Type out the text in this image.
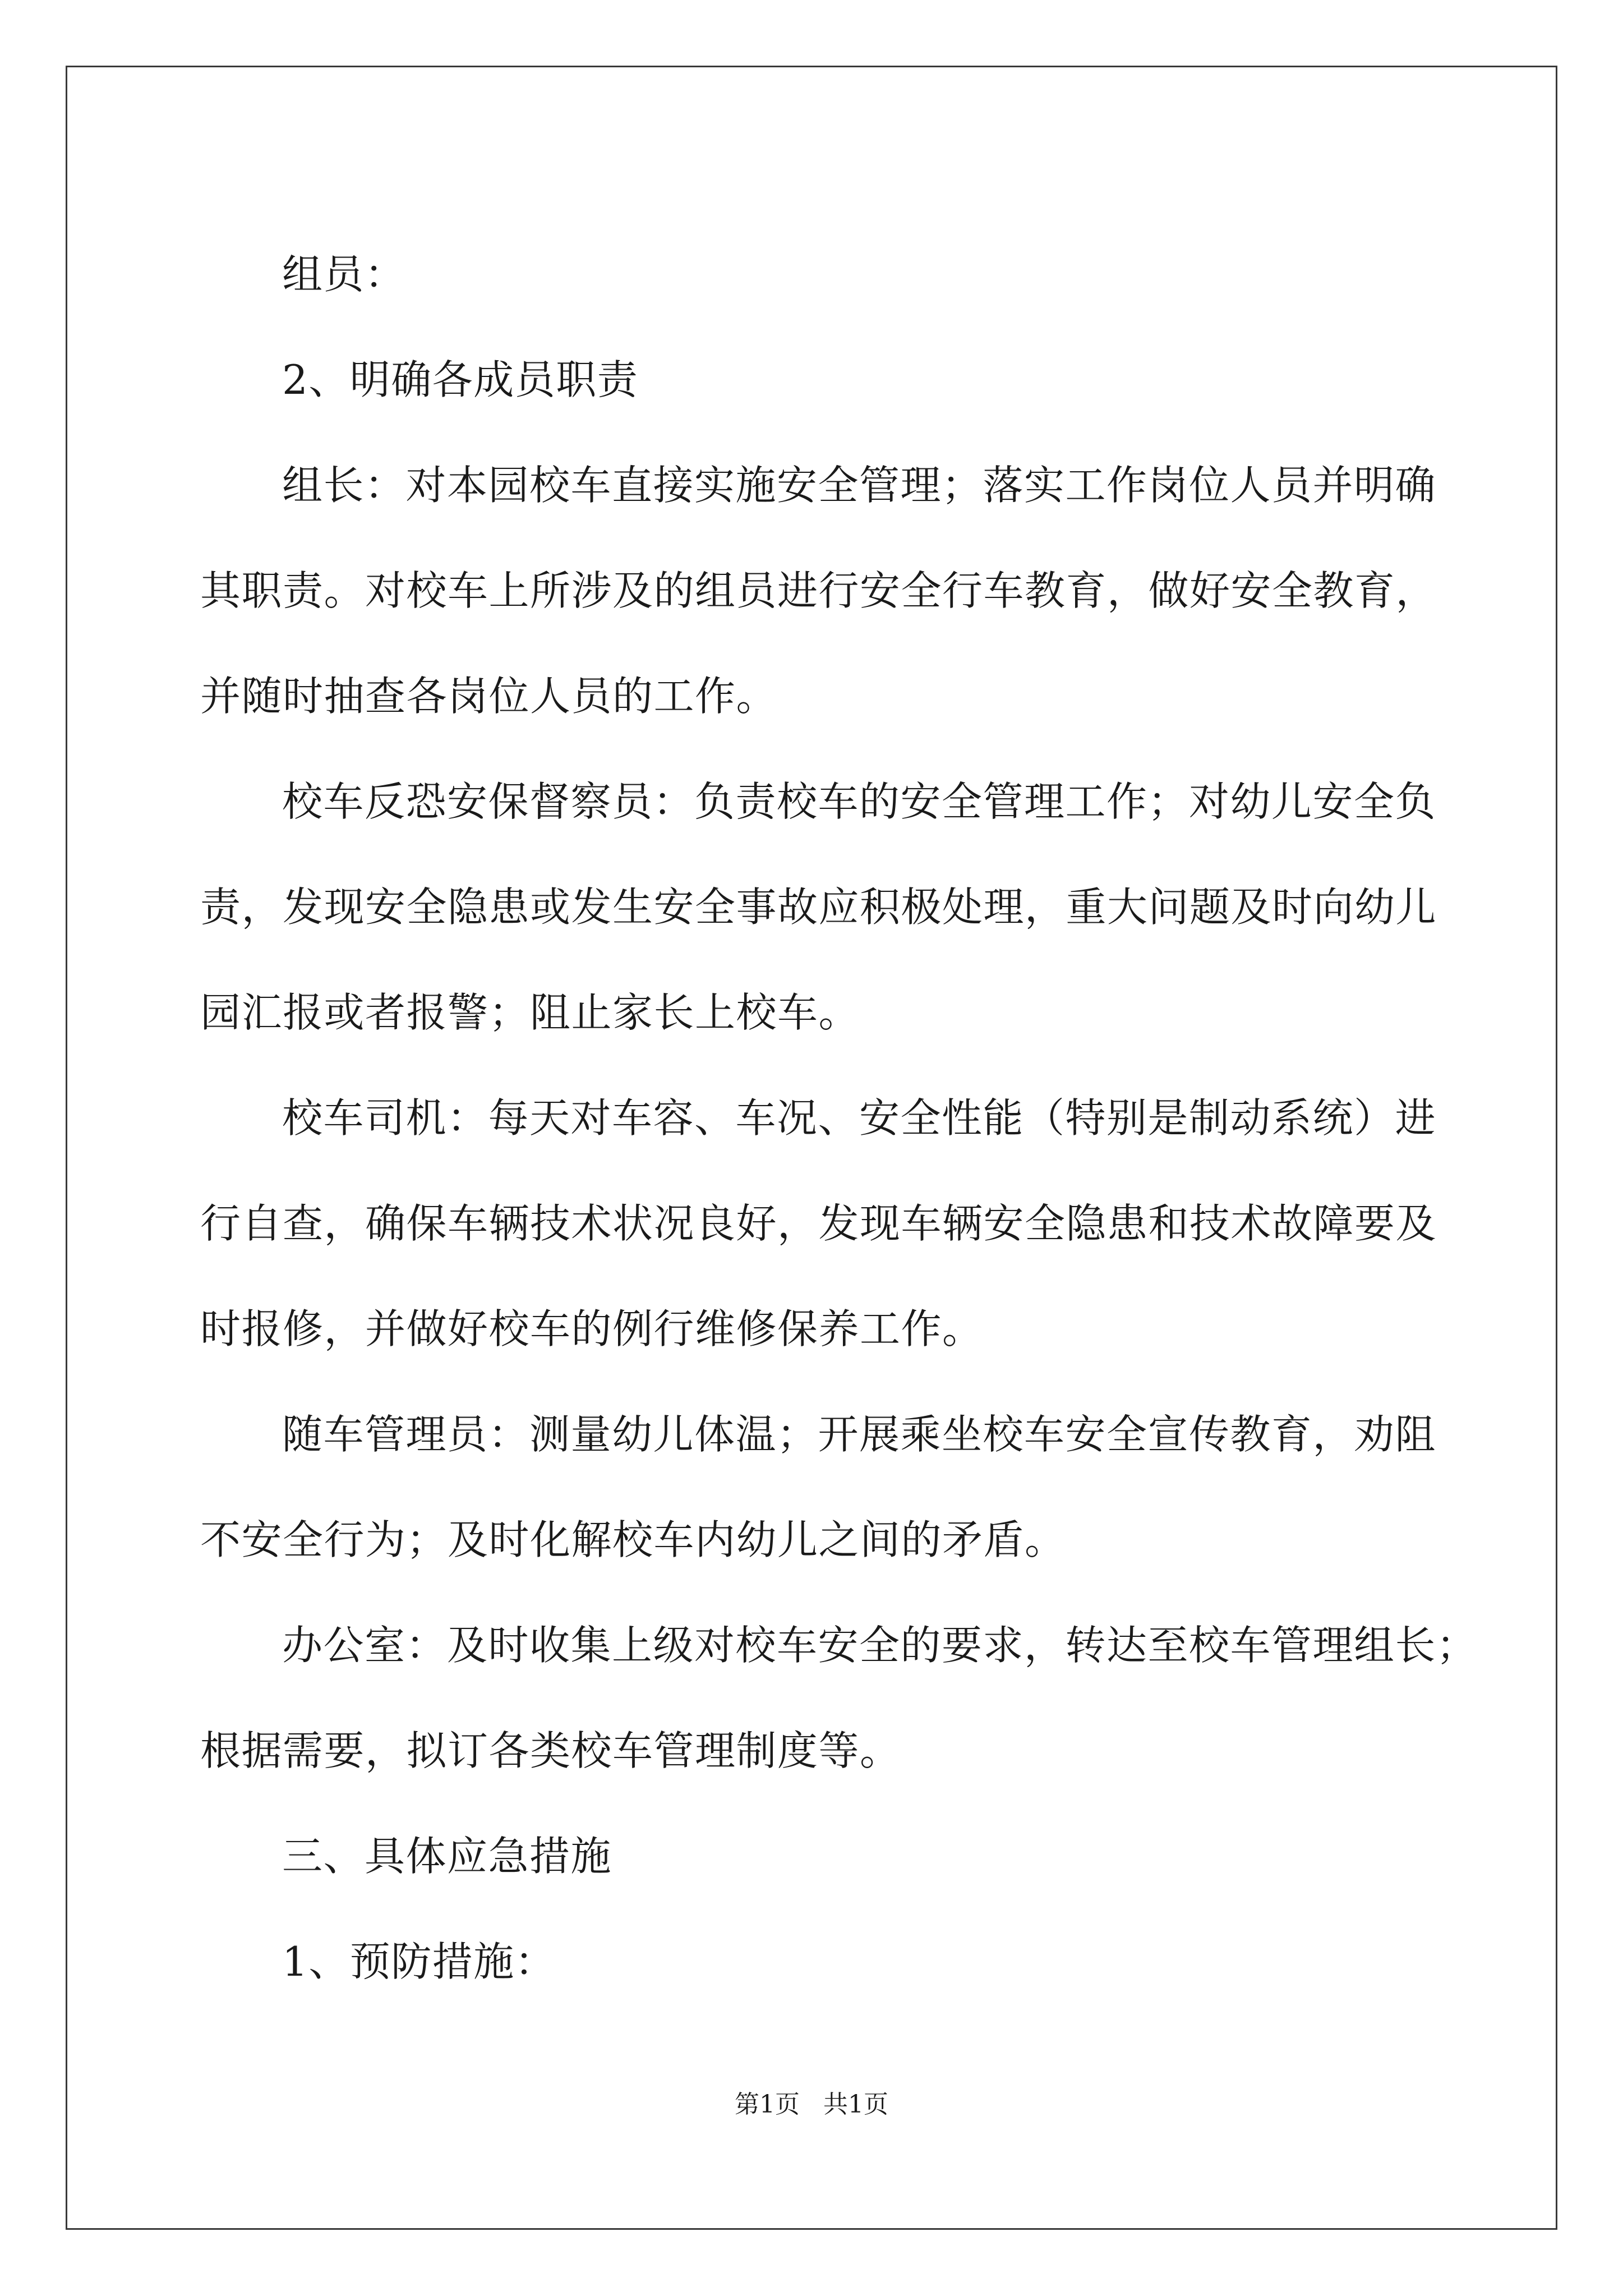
组员：

2、明确各成员职责

组长：对本园校车直接实施安全管理；落实工作岗位人员并明确
其职责。对校车上所涉及的组员进行安全行车教育，做好安全教育，
并随时抽查各岗位人员的工作。

校车反恐安保督察员：负责校车的安全管理工作；对幼儿安全负
责，发现安全隐患或发生安全事故应积极处理，重大问题及时向幼儿
园汇报或者报警；阻止家长上校车。

校车司机：每天对车容、车况、安全性能（特别是制动系统）进
行自查，确保车辆技术状况良好，发现车辆安全隐患和技术故障要及
时报修，并做好校车的例行维修保养工作。

随车管理员：测量幼儿体温；开展乘坐校车安全宣传教育，劝阻
不安全行为；及时化解校车内幼儿之间的矛盾。

办公室：及时收集上级对校车安全的要求，转达至校车管理组长；
根据需要，拟订各类校车管理制度等。

三、具体应急措施

1、预防措施：

第1页 共1页
